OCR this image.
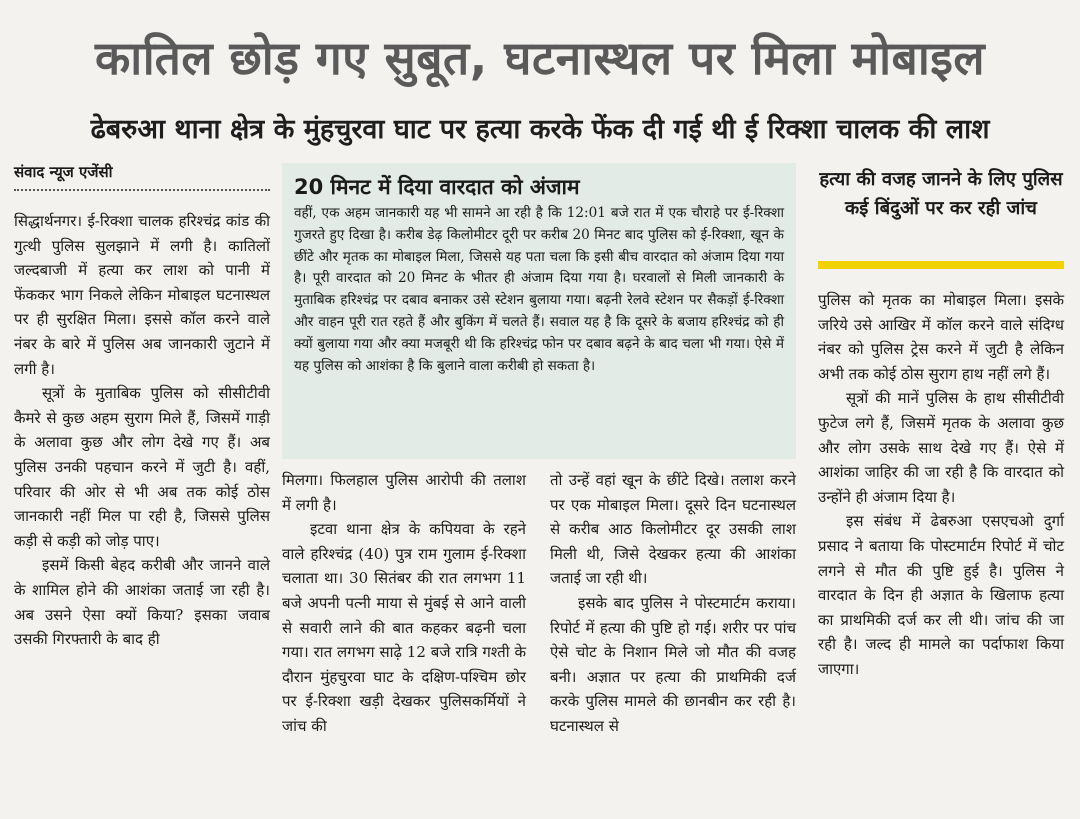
कातिल छोड़ गए सुबूत, घटनास्थल पर मिला मोबाइल
ढेबरुआ थाना क्षेत्र के मुंहचुरवा घाट पर हत्या करके फेंक दी गई थी ई रिक्शा चालक की लाश
संवाद न्यूज एजेंसी

सिद्धार्थनगर। ई-रिक्शा चालक हरिश्चंद्र कांड की गुत्थी पुलिस सुलझाने में लगी है। कातिलों जल्दबाजी में हत्या कर लाश को पानी में फेंककर भाग निकले लेकिन मोबाइल घटनास्थल पर ही सुरक्षित मिला। इससे कॉल करने वाले नंबर के बारे में पुलिस अब जानकारी जुटाने में लगी है।

सूत्रों के मुताबिक पुलिस को सीसीटीवी कैमरे से कुछ अहम सुराग मिले हैं, जिसमें गाड़ी के अलावा कुछ और लोग देखे गए हैं। अब पुलिस उनकी पहचान करने में जुटी है। वहीं, परिवार की ओर से भी अब तक कोई ठोस जानकारी नहीं मिल पा रही है, जिससे पुलिस कड़ी से कड़ी को जोड़ पाए।

इसमें किसी बेहद करीबी और जानने वाले के शामिल होने की आशंका जताई जा रही है। अब उसने ऐसा क्यों किया? इसका जवाब उसकी गिरफ्तारी के बाद ही

20 मिनट में दिया वारदात को अंजाम
वहीं, एक अहम जानकारी यह भी सामने आ रही है कि 12:01 बजे रात में एक चौराहे पर ई-रिक्शा गुजरते हुए दिखा है। करीब डेढ़ किलोमीटर दूरी पर करीब 20 मिनट बाद पुलिस को ई-रिक्शा, खून के छींटे और मृतक का मोबाइल मिला, जिससे यह पता चला कि इसी बीच वारदात को अंजाम दिया गया है। पूरी वारदात को 20 मिनट के भीतर ही अंजाम दिया गया है। घरवालों से मिली जानकारी के मुताबिक हरिश्चंद्र पर दबाव बनाकर उसे स्टेशन बुलाया गया। बढ़नी रेलवे स्टेशन पर सैकड़ों ई-रिक्शा और वाहन पूरी रात रहते हैं और बुकिंग में चलते हैं। सवाल यह है कि दूसरे के बजाय हरिश्चंद्र को ही क्यों बुलाया गया और क्या मजबूरी थी कि हरिश्चंद्र फोन पर दबाव बढ़ने के बाद चला भी गया। ऐसे में यह पुलिस को आशंका है कि बुलाने वाला करीबी हो सकता है।

मिलगा। फिलहाल पुलिस आरोपी की तलाश में लगी है।

इटवा थाना क्षेत्र के कपियवा के रहने वाले हरिश्चंद्र (40) पुत्र राम गुलाम ई-रिक्शा चलाता था। 30 सितंबर की रात लगभग 11 बजे अपनी पत्नी माया से मुंबई से आने वाली से सवारी लाने की बात कहकर बढ़नी चला गया। रात लगभग साढ़े 12 बजे रात्रि गश्ती के दौरान मुंहचुरवा घाट के दक्षिण-पश्चिम छोर पर ई-रिक्शा खड़ी देखकर पुलिसकर्मियों ने जांच की

तो उन्हें वहां खून के छींटे दिखे। तलाश करने पर एक मोबाइल मिला। दूसरे दिन घटनास्थल से करीब आठ किलोमीटर दूर उसकी लाश मिली थी, जिसे देखकर हत्या की आशंका जताई जा रही थी।

इसके बाद पुलिस ने पोस्टमार्टम कराया। रिपोर्ट में हत्या की पुष्टि हो गई। शरीर पर पांच ऐसे चोट के निशान मिले जो मौत की वजह बनी। अज्ञात पर हत्या की प्राथमिकी दर्ज करके पुलिस मामले की छानबीन कर रही है। घटनास्थल से

हत्या की वजह जानने के लिए पुलिस कई बिंदुओं पर कर रही जांच

पुलिस को मृतक का मोबाइल मिला। इसके जरिये उसे आखिर में कॉल करने वाले संदिग्ध नंबर को पुलिस ट्रेस करने में जुटी है लेकिन अभी तक कोई ठोस सुराग हाथ नहीं लगे हैं।

सूत्रों की मानें पुलिस के हाथ सीसीटीवी फुटेज लगे हैं, जिसमें मृतक के अलावा कुछ और लोग उसके साथ देखे गए हैं। ऐसे में आशंका जाहिर की जा रही है कि वारदात को उन्होंने ही अंजाम दिया है।

इस संबंध में ढेबरुआ एसएचओ दुर्गा प्रसाद ने बताया कि पोस्टमार्टम रिपोर्ट में चोट लगने से मौत की पुष्टि हुई है। पुलिस ने वारदात के दिन ही अज्ञात के खिलाफ हत्या का प्राथमिकी दर्ज कर ली थी। जांच की जा रही है। जल्द ही मामले का पर्दाफाश किया जाएगा।
